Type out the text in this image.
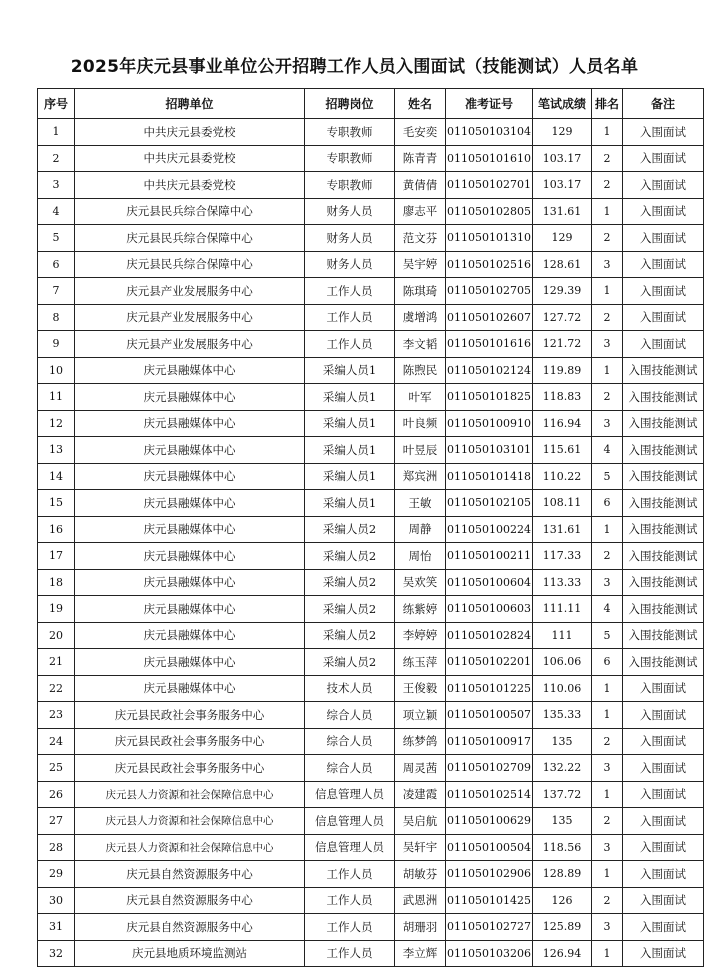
2025年庆元县事业单位公开招聘工作人员入围面试（技能测试）人员名单
序号	招聘单位	招聘岗位	姓名	准考证号	笔试成绩	排名	备注
1	中共庆元县委党校	专职教师	毛安奕	011050103104	129	1	入围面试
2	中共庆元县委党校	专职教师	陈青青	011050101610	103.17	2	入围面试
3	中共庆元县委党校	专职教师	黄倩倩	011050102701	103.17	2	入围面试
4	庆元县民兵综合保障中心	财务人员	廖志平	011050102805	131.61	1	入围面试
5	庆元县民兵综合保障中心	财务人员	范文芬	011050101310	129	2	入围面试
6	庆元县民兵综合保障中心	财务人员	吴宇婷	011050102516	128.61	3	入围面试
7	庆元县产业发展服务中心	工作人员	陈琪琦	011050102705	129.39	1	入围面试
8	庆元县产业发展服务中心	工作人员	虞增鸿	011050102607	127.72	2	入围面试
9	庆元县产业发展服务中心	工作人员	李文韬	011050101616	121.72	3	入围面试
10	庆元县融媒体中心	采编人员1	陈煦民	011050102124	119.89	1	入围技能测试
11	庆元县融媒体中心	采编人员1	叶军	011050101825	118.83	2	入围技能测试
12	庆元县融媒体中心	采编人员1	叶良频	011050100910	116.94	3	入围技能测试
13	庆元县融媒体中心	采编人员1	叶昱辰	011050103101	115.61	4	入围技能测试
14	庆元县融媒体中心	采编人员1	郑宾洲	011050101418	110.22	5	入围技能测试
15	庆元县融媒体中心	采编人员1	王敏	011050102105	108.11	6	入围技能测试
16	庆元县融媒体中心	采编人员2	周静	011050100224	131.61	1	入围技能测试
17	庆元县融媒体中心	采编人员2	周怡	011050100211	117.33	2	入围技能测试
18	庆元县融媒体中心	采编人员2	吴欢笑	011050100604	113.33	3	入围技能测试
19	庆元县融媒体中心	采编人员2	练紫婷	011050100603	111.11	4	入围技能测试
20	庆元县融媒体中心	采编人员2	李婷婷	011050102824	111	5	入围技能测试
21	庆元县融媒体中心	采编人员2	练玉萍	011050102201	106.06	6	入围技能测试
22	庆元县融媒体中心	技术人员	王俊毅	011050101225	110.06	1	入围面试
23	庆元县民政社会事务服务中心	综合人员	项立颖	011050100507	135.33	1	入围面试
24	庆元县民政社会事务服务中心	综合人员	练梦鸽	011050100917	135	2	入围面试
25	庆元县民政社会事务服务中心	综合人员	周灵茜	011050102709	132.22	3	入围面试
26	庆元县人力资源和社会保障信息中心	信息管理人员	凌建霞	011050102514	137.72	1	入围面试
27	庆元县人力资源和社会保障信息中心	信息管理人员	吴启航	011050100629	135	2	入围面试
28	庆元县人力资源和社会保障信息中心	信息管理人员	吴轩宇	011050100504	118.56	3	入围面试
29	庆元县自然资源服务中心	工作人员	胡敏芬	011050102906	128.89	1	入围面试
30	庆元县自然资源服务中心	工作人员	武恩洲	011050101425	126	2	入围面试
31	庆元县自然资源服务中心	工作人员	胡珊羽	011050102727	125.89	3	入围面试
32	庆元县地质环境监测站	工作人员	李立辉	011050103206	126.94	1	入围面试
